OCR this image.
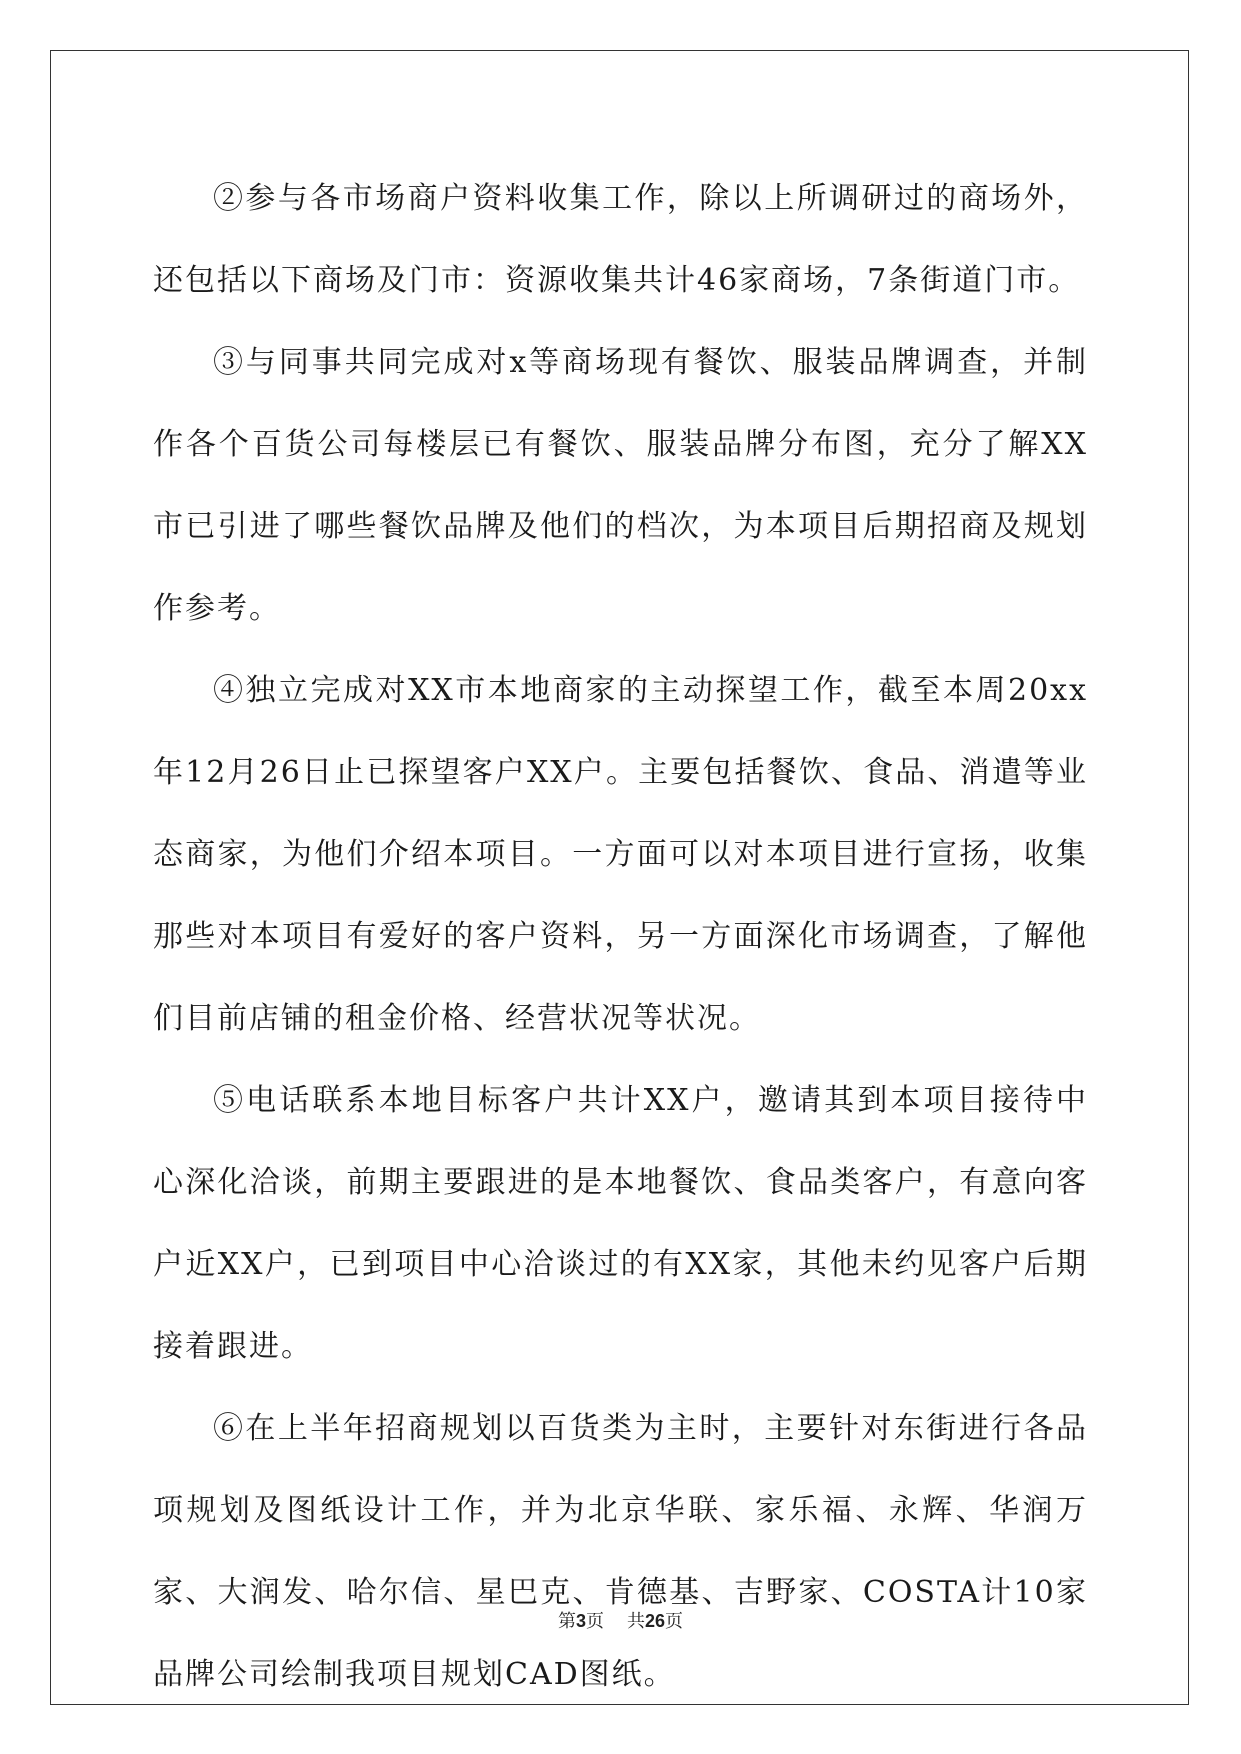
②参与各市场商户资料收集工作，除以上所调研过的商场外，还包括以下商场及门市：资源收集共计46家商场，7条街道门市。

③与同事共同完成对x等商场现有餐饮、服装品牌调查，并制作各个百货公司每楼层已有餐饮、服装品牌分布图，充分了解XX市已引进了哪些餐饮品牌及他们的档次，为本项目后期招商及规划作参考。

④独立完成对XX市本地商家的主动探望工作，截至本周20xx年12月26日止已探望客户XX户。主要包括餐饮、食品、消遣等业态商家，为他们介绍本项目。一方面可以对本项目进行宣扬，收集那些对本项目有爱好的客户资料，另一方面深化市场调查，了解他们目前店铺的租金价格、经营状况等状况。

⑤电话联系本地目标客户共计XX户，邀请其到本项目接待中心深化洽谈，前期主要跟进的是本地餐饮、食品类客户，有意向客户近XX户，已到项目中心洽谈过的有XX家，其他未约见客户后期接着跟进。

⑥在上半年招商规划以百货类为主时，主要针对东街进行各品项规划及图纸设计工作，并为北京华联、家乐福、永辉、华润万家、大润发、哈尔信、星巴克、肯德基、吉野家、COSTA计10家品牌公司绘制我项目规划CAD图纸。

第3页 共26页
